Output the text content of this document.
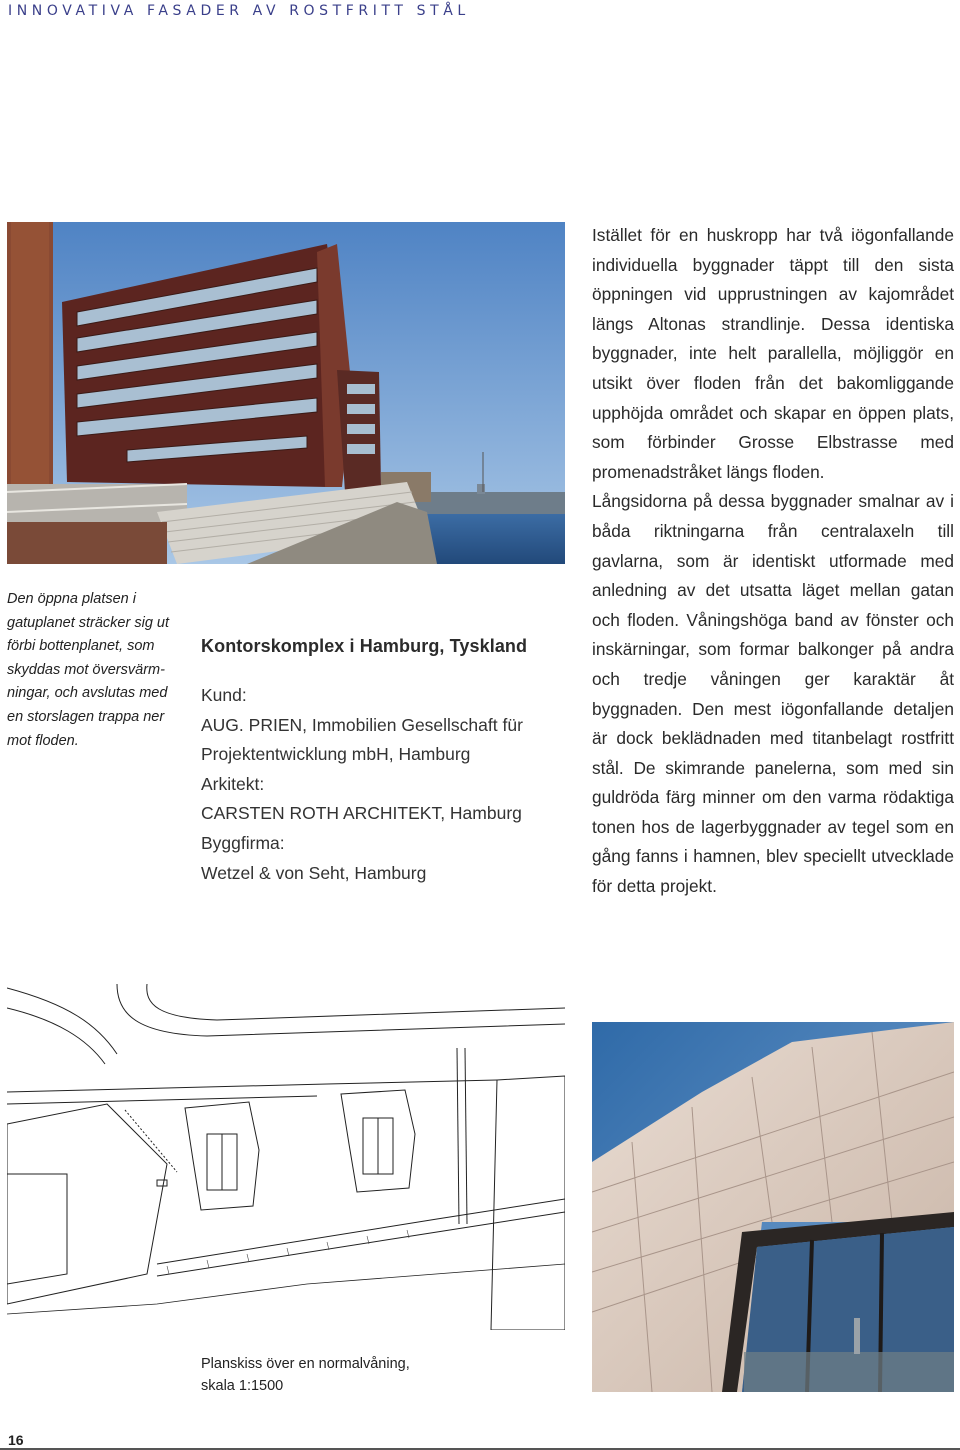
INNOVATIVA FASADER AV ROSTFRITT STÅL

Den öppna platsen i

gatuplanet sträcker sig ut

förbi bottenplanet, som

skyddas mot översvärm-

ningar, och avslutas med

en storslagen trappa ner

mot floden.

Kontorskomplex i Hamburg, Tyskland

Kund:

AUG. PRIEN, Immobilien Gesellschaft für

Projektentwicklung mbH, Hamburg

Arkitekt:

CARSTEN ROTH ARCHITEKT, Hamburg

Byggfirma:

Wetzel & von Seht, Hamburg

Istället för en huskropp har två iögonfallande individuella byggnader täppt till den sista öppningen vid upprustningen av kajområdet längs Altonas strandlinje. Dessa identiska byggnader, inte helt parallella, möjliggör en utsikt över floden från det bakomliggande upphöjda området och skapar en öppen plats, som förbinder Grosse Elbstrasse med promenadstråket längs floden.

Långsidorna på dessa byggnader smalnar av i båda riktningarna från centralaxeln till gavlarna, som är identiskt utformade med anledning av det utsatta läget mellan gatan och floden. Våningshöga band av fönster och inskärningar, som formar balkonger på andra och tredje våningen ger karaktär åt byggnaden. Den mest iögonfallande detaljen är dock beklädnaden med titanbelagt rostfritt stål. De skimrande panelerna, som med sin guldröda färg minner om den varma rödaktiga tonen hos de lagerbyggnader av tegel som en gång fanns i hamnen, blev speciellt utvecklade för detta projekt.

Planskiss över en normalvåning,

skala 1:1500

16
